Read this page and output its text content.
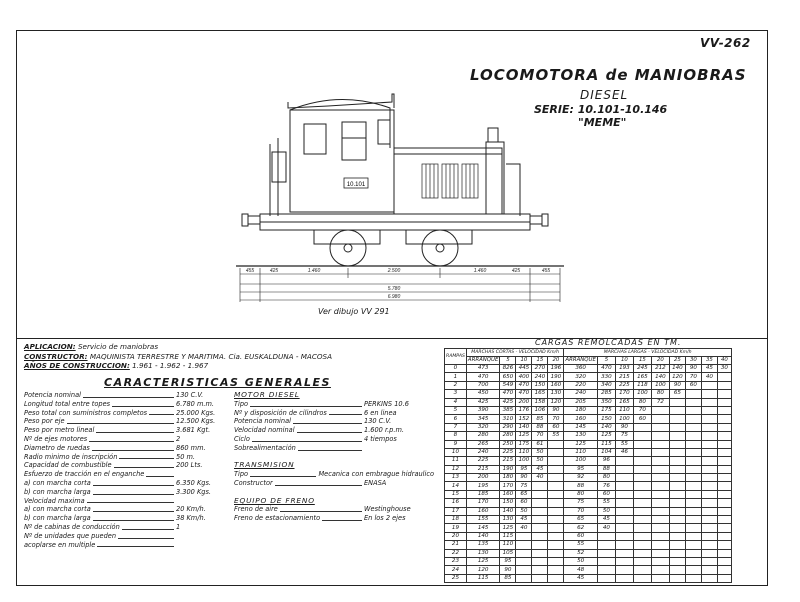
VV-262
LOCOMOTORA de MANIOBRAS
DIESEL
SERIE: 10.101-10.146
"MEME"
10.101
455	425	1.460	2.500	1.460	425	455
5.780
6.980
Ver dibujo VV 291
APLICACION: Servicio de maniobras
CONSTRUCTOR: MAQUINISTA TERRESTRE Y MARITIMA. Cia. EUSKALDUNA - MACOSA
AÑOS DE CONSTRUCCION: 1.961 - 1.962 - 1.967
CARACTERISTICAS GENERALES
Potencia nominal	130 C.V.
Longitud total entre topes	6.780 m.m.
Peso total con suministros completos	25.000 Kgs.
Peso por eje	12.500 Kgs.
Peso por metro lineal	3.681 Kgt.
Nº de ejes motores	2
Diametro de ruedas	860 mm.
Radio minimo de inscripción	50 m.
Capacidad de combustible	200 Lts.
Esfuerzo de tracción en el enganche
a) con marcha corta	6.350 Kgs.
b) con marcha larga	3.300 Kgs.
Velocidad maxima
a) con marcha corta	20 Km/h.
b) con marcha larga	38 Km/h.
Nº de cabinas de conducción	1
Nº de unidades que pueden
acoplarse en multiple
MOTOR DIESEL
Tipo	PERKINS 10.6
Nº y disposición de cilindros	6 en linea
Potencia nominal	130 C.V.
Velocidad nominal	1.600 r.p.m.
Ciclo	4 tiempos
Sobrealimentación
TRANSMISION
Tipo	Mecanica con embrague hidraulico
Constructor	ENASA
EQUIPO DE FRENO
Freno de aire	Westinghouse
Freno de estacionamiento	En los 2 ejes
CARGAS REMOLCADAS EN TM.
RAMPAS	MARCHAS CORTAS - VELOCIDAD Km/h					MARCHAS LARGAS - VELOCIDAD Km/h								
	ARRANQUE	5	10	15	20	ARRANQUE	5	10	15	20	25	30	35	40
0	473	826	445	270	196	360	470	193	245	212	140	90	45	30
1	470	650	400	240	190	320	330	215	165	140	120	70	40	
2	700	549	470	150	160	220	340	225	118	100	90	60		
3	450	470	470	165	130	240	285	170	100	80	65			
4	425	425	200	158	120	205	350	165	80	72				
5	390	385	176	106	90	180	175	110	70					
6	345	310	152	85	70	160	150	100	60					
7	320	290	140	88	60	145	140	90						
8	280	280	125	70	55	130	125	75						
9	265	250	175	61		125	115	55						
10	240	225	110	50		110	104	46						
11	225	215	100	50		100	96							
12	215	190	95	45		95	88							
13	200	180	90	40		92	80							
14	195	170	75			88	76							
15	185	160	65			80	60							
16	170	150	60			75	55							
17	160	140	50			70	50							
18	155	130	45			65	45							
19	145	125	40			62	40							
20	140	115				60								
21	135	110				55								
22	130	105				52								
23	125	95				50								
24	120	90				48								
25	115	85				45								
